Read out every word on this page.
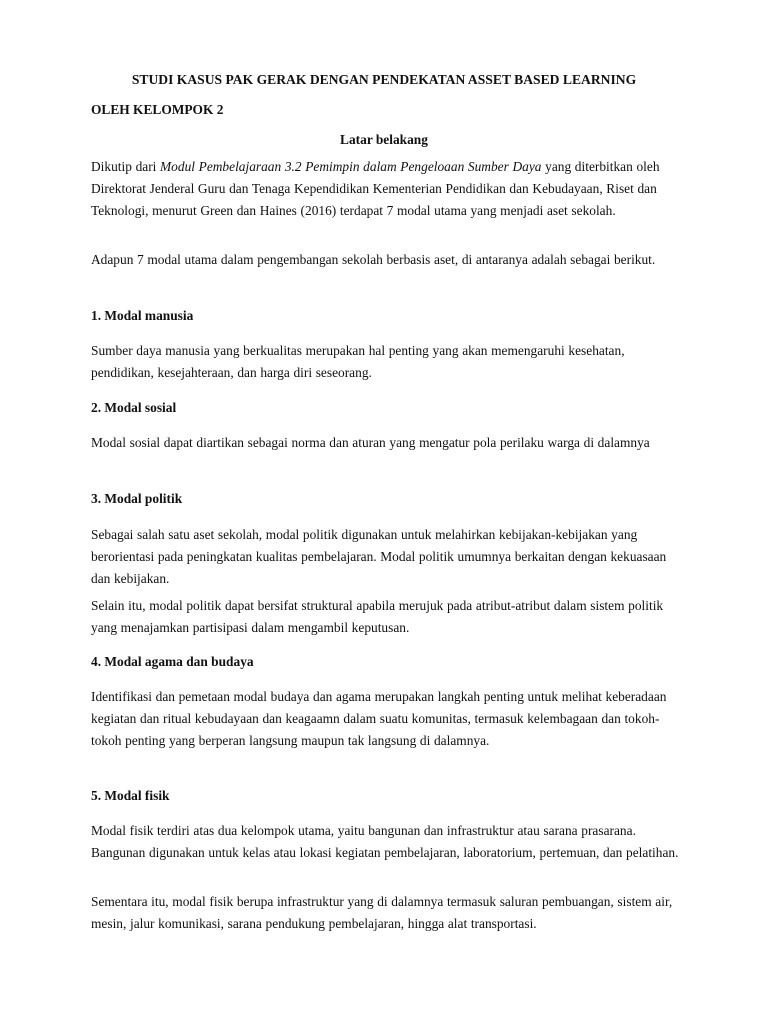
STUDI KASUS PAK GERAK DENGAN PENDEKATAN ASSET BASED LEARNING

OLEH KELOMPOK 2

Latar belakang

Dikutip dari Modul Pembelajaraan 3.2 Pemimpin dalam Pengeloaan Sumber Daya yang diterbitkan oleh Direktorat Jenderal Guru dan Tenaga Kependidikan Kementerian Pendidikan dan Kebudayaan, Riset dan Teknologi, menurut Green dan Haines (2016) terdapat 7 modal utama yang menjadi aset sekolah.

Adapun 7 modal utama dalam pengembangan sekolah berbasis aset, di antaranya adalah sebagai berikut.

1. Modal manusia

Sumber daya manusia yang berkualitas merupakan hal penting yang akan memengaruhi kesehatan, pendidikan, kesejahteraan, dan harga diri seseorang.

2. Modal sosial

Modal sosial dapat diartikan sebagai norma dan aturan yang mengatur pola perilaku warga di dalamnya

3. Modal politik

Sebagai salah satu aset sekolah, modal politik digunakan untuk melahirkan kebijakan-kebijakan yang berorientasi pada peningkatan kualitas pembelajaran. Modal politik umumnya berkaitan dengan kekuasaan dan kebijakan.

Selain itu, modal politik dapat bersifat struktural apabila merujuk pada atribut-atribut dalam sistem politik yang menajamkan partisipasi dalam mengambil keputusan.

4. Modal agama dan budaya

Identifikasi dan pemetaan modal budaya dan agama merupakan langkah penting untuk melihat keberadaan kegiatan dan ritual kebudayaan dan keagaamn dalam suatu komunitas, termasuk kelembagaan dan tokoh-tokoh penting yang berperan langsung maupun tak langsung di dalamnya.

5. Modal fisik

Modal fisik terdiri atas dua kelompok utama, yaitu bangunan dan infrastruktur atau sarana prasarana. Bangunan digunakan untuk kelas atau lokasi kegiatan pembelajaran, laboratorium, pertemuan, dan pelatihan.

Sementara itu, modal fisik berupa infrastruktur yang di dalamnya termasuk saluran pembuangan, sistem air, mesin, jalur komunikasi, sarana pendukung pembelajaran, hingga alat transportasi.
